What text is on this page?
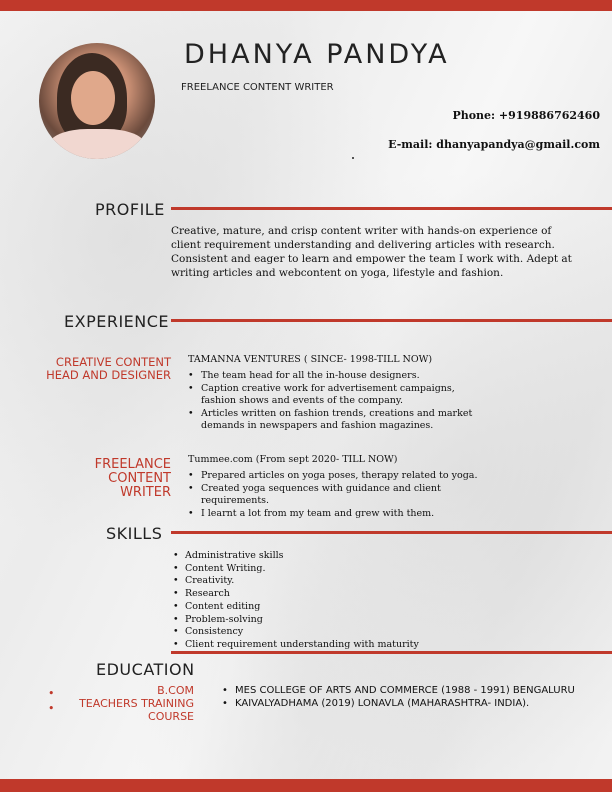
DHANYA PANDYA
FREELANCE CONTENT WRITER
Phone: +919886762460
E-mail: dhanyapandya@gmail.com
PROFILE
Creative, mature, and crisp content writer with hands-on experience of client requirement understanding and delivering articles with research. Consistent and eager to learn and empower the team I work with. Adept at writing articles and webcontent on yoga, lifestyle and fashion.
EXPERIENCE
CREATIVE CONTENT
HEAD AND DESIGNER
TAMANNA VENTURES ( SINCE- 1998-TILL NOW)
• The team head for all the in-house designers.
• Caption creative work for advertisement campaigns, fashion shows and events of the company.
• Articles written on fashion trends, creations and market demands in newspapers and fashion magazines.
FREELANCE
CONTENT
WRITER
Tummee.com (From sept 2020- TILL NOW)
• Prepared articles on yoga poses, therapy related to yoga.
• Created yoga sequences with guidance and client requirements.
• I learnt a lot from my team and grew with them.
SKILLS
• Administrative skills
• Content Writing.
• Creativity.
• Research
• Content editing
• Problem-solving
• Consistency
• Client requirement understanding with maturity
EDUCATION
•
•
B.COM
TEACHERS TRAINING
COURSE
• MES COLLEGE OF ARTS AND COMMERCE (1988 - 1991) BENGALURU
• KAIVALYADHAMA (2019) LONAVLA (MAHARASHTRA- INDIA).
